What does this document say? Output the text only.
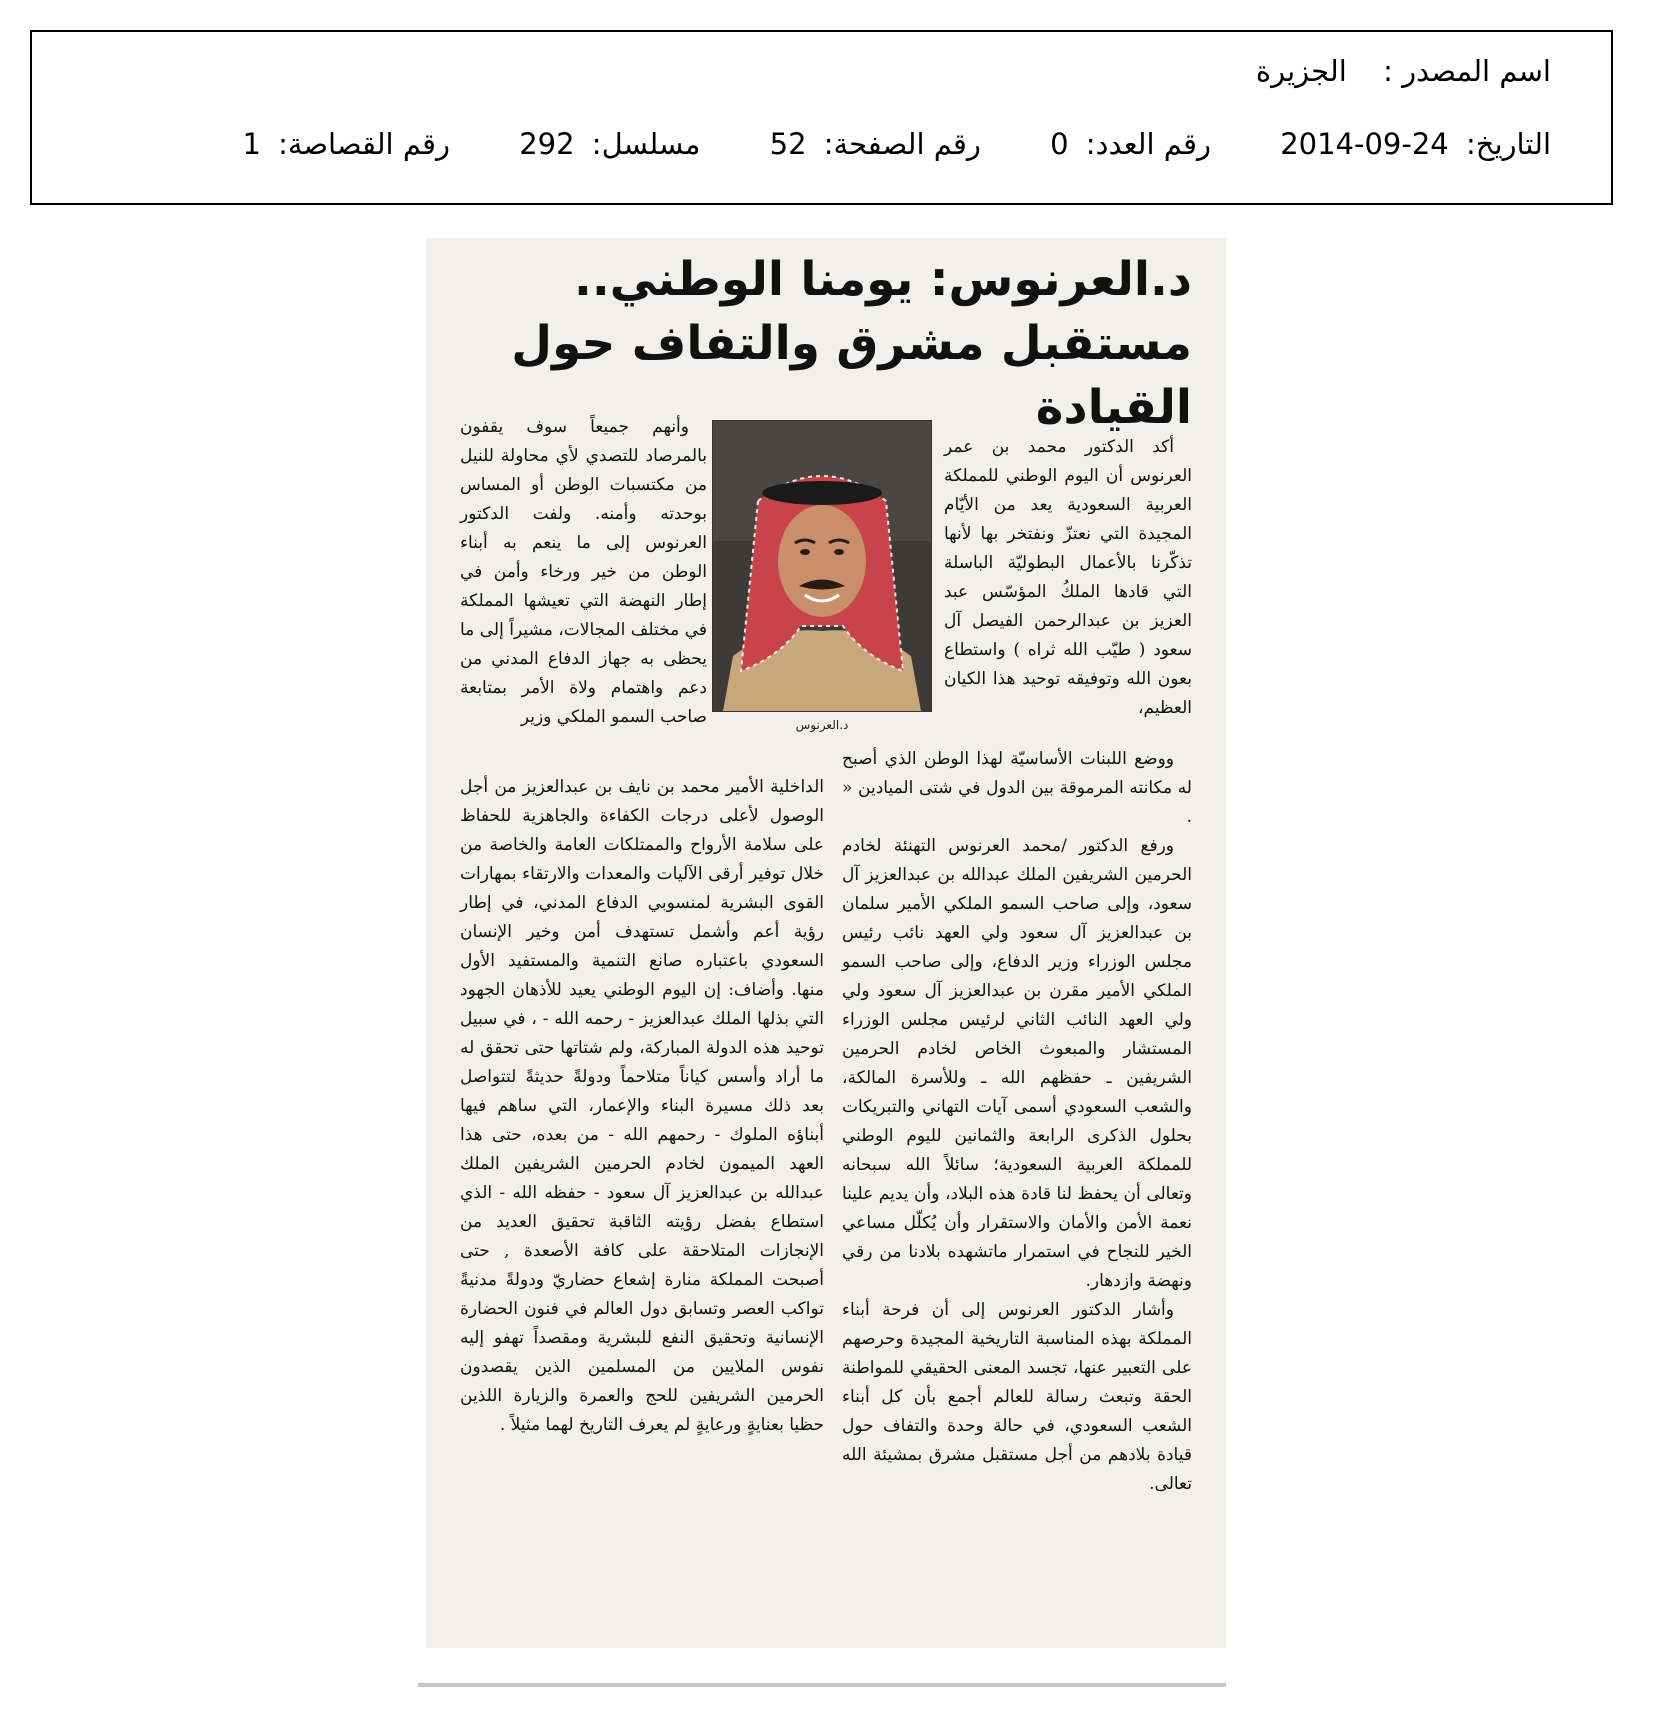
اسم المصدر : الجزيرة
التاريخ: 2014-09-24 رقم العدد: 0 رقم الصفحة: 52 مسلسل: 292 رقم القصاصة: 1
د.العرنوس: يومنا الوطني..
مستقبل مشرق والتفاف حول القيادة

أكد الدكتور محمد بن عمر العرنوس أن اليوم الوطني للمملكة العربية السعودية يعد من الأيّام المجيدة التي نعتزّ ونفتخر بها لأنها تذكّرنا بالأعمال البطوليّة الباسلة التي قادها الملكُ المؤسّس عبد العزيز بن عبدالرحمن الفيصل آل سعود ( طيّب الله ثراه ) واستطاع بعون الله وتوفيقه توحيد هذا الكيان العظيم،

د.العرنوس

ووضع اللبنات الأساسيّة لهذا الوطن الذي أصبح له مكانته المرموقة بين الدول في شتى الميادين « .

ورفع الدكتور /محمد العرنوس التهنئة لخادم الحرمين الشريفين الملك عبدالله بن عبدالعزيز آل سعود، وإلى صاحب السمو الملكي الأمير سلمان بن عبدالعزيز آل سعود ولي العهد نائب رئيس مجلس الوزراء وزير الدفاع، وإلى صاحب السمو الملكي الأمير مقرن بن عبدالعزيز آل سعود ولي ولي العهد النائب الثاني لرئيس مجلس الوزراء المستشار والمبعوث الخاص لخادم الحرمين الشريفين ـ حفظهم الله ـ وللأسرة المالكة، والشعب السعودي أسمى آيات التهاني والتبريكات بحلول الذكرى الرابعة والثمانين لليوم الوطني للمملكة العربية السعودية؛ سائلاً الله سبحانه وتعالى أن يحفظ لنا قادة هذه البلاد، وأن يديم علينا نعمة الأمن والأمان والاستقرار وأن يُكلّل مساعي الخير للنجاح في استمرار ماتشهده بلادنا من رقي ونهضة وازدهار.

وأشار الدكتور العرنوس إلى أن فرحة أبناء المملكة بهذه المناسبة التاريخية المجيدة وحرصهم على التعبير عنها، تجسد المعنى الحقيقي للمواطنة الحقة وتبعث رسالة للعالم أجمع بأن كل أبناء الشعب السعودي، في حالة وحدة والتفاف حول قيادة بلادهم من أجل مستقبل مشرق بمشيئة الله تعالى.

وأنهم جميعاً سوف يقفون بالمرصاد للتصدي لأي محاولة للنيل من مكتسبات الوطن أو المساس بوحدته وأمنه. ولفت الدكتور العرنوس إلى ما ينعم به أبناء الوطن من خير ورخاء وأمن في إطار النهضة التي تعيشها المملكة في مختلف المجالات، مشيراً إلى ما يحظى به جهاز الدفاع المدني من دعم واهتمام ولاة الأمر بمتابعة صاحب السمو الملكي وزير

الداخلية الأمير محمد بن نايف بن عبدالعزيز من أجل الوصول لأعلى درجات الكفاءة والجاهزية للحفاظ على سلامة الأرواح والممتلكات العامة والخاصة من خلال توفير أرقى الآليات والمعدات والارتقاء بمهارات القوى البشرية لمنسوبي الدفاع المدني، في إطار رؤية أعم وأشمل تستهدف أمن وخير الإنسان السعودي باعتباره صانع التنمية والمستفيد الأول منها. وأضاف: إن اليوم الوطني يعيد للأذهان الجهود التي بذلها الملك عبدالعزيز - رحمه الله - ، في سبيل توحيد هذه الدولة المباركة، ولم شتاتها حتى تحقق له ما أراد وأسس كياناً متلاحماً ودولةً حديثةً لتتواصل بعد ذلك مسيرة البناء والإعمار، التي ساهم فيها أبناؤه الملوك - رحمهم الله - من بعده، حتى هذا العهد الميمون لخادم الحرمين الشريفين الملك عبدالله بن عبدالعزيز آل سعود - حفظه الله - الذي استطاع بفضل رؤيته الثاقبة تحقيق العديد من الإنجازات المتلاحقة على كافة الأصعدة , حتى أصبحت المملكة منارة إشعاع حضاريّ ودولةً مدنيةً تواكب العصر وتسابق دول العالم في فنون الحضارة الإنسانية وتحقيق النفع للبشرية ومقصداً تهفو إليه نفوس الملايين من المسلمين الذين يقصدون الحرمين الشريفين للحج والعمرة والزيارة اللذين حظيا بعنايةٍ ورعايةٍ لم يعرف التاريخ لهما مثيلاً .
